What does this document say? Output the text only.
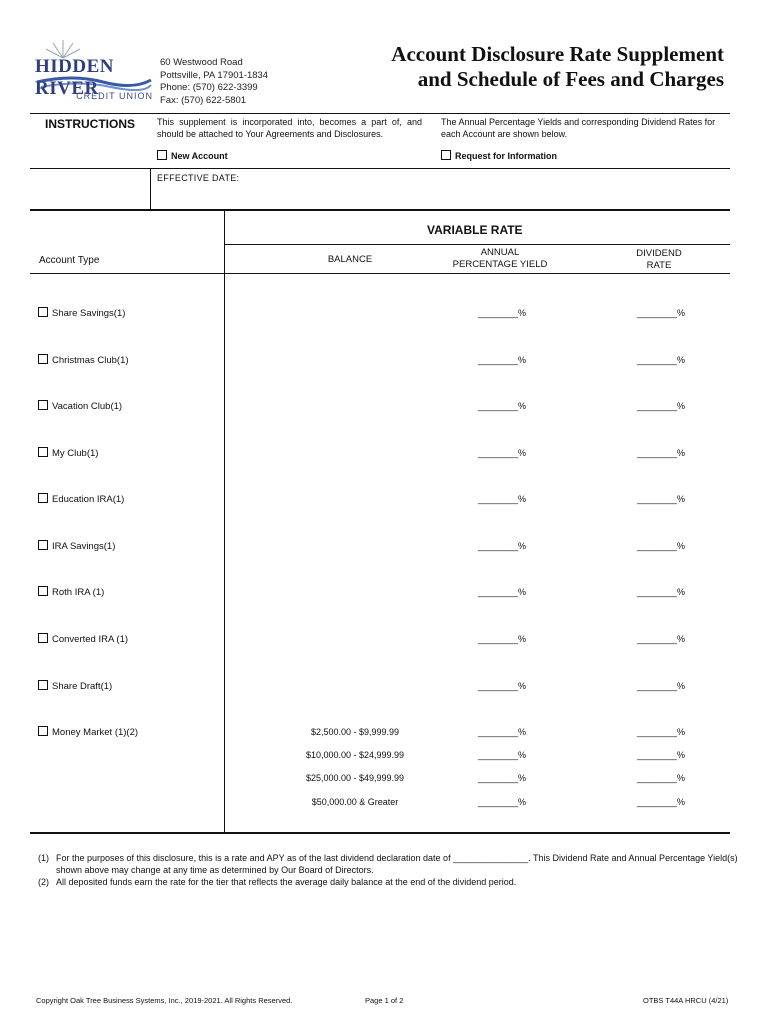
HIDDEN RIVER
CREDIT UNION
60 Westwood Road
Pottsville, PA 17901-1834
Phone: (570) 622-3399
Fax: (570) 622-5801
Account Disclosure Rate Supplement
and Schedule of Fees and Charges
INSTRUCTIONS This supplement is incorporated into, becomes a part of, and should be attached to Your Agreements and Disclosures.
The Annual Percentage Yields and corresponding Dividend Rates for each Account are shown below.
New Account	Request for Information
EFFECTIVE DATE:
VARIABLE RATE
Account Type	BALANCE
ANNUAL
PERCENTAGE YIELD
DIVIDEND
RATE
Share Savings(1)	________%	________%
Christmas Club(1)	________%	________%
Vacation Club(1)	________%	________%
My Club(1)	________%	________%
Education IRA(1)	________%	________%
IRA Savings(1)	________%	________%
Roth IRA (1)	________%	________%
Converted IRA (1)	________%	________%
Share Draft(1)	________%	________%
Money Market (1)(2)	$2,500.00 - $9,999.99	________%	________%
$10,000.00 - $24,999.99	________%	________%
$25,000.00 - $49,999.99	________%	________%
$50,000.00 & Greater	________%	________%
(1) For the purposes of this disclosure, this is a rate and APY as of the last dividend declaration date of _______________. This Dividend Rate and Annual Percentage Yield(s) shown above may change at any time as determined by Our Board of Directors.
(2) All deposited funds earn the rate for the tier that reflects the average daily balance at the end of the dividend period.
Copyright Oak Tree Business Systems, Inc., 2019-2021. All Rights Reserved.	Page 1 of 2	OTBS T44A HRCU (4/21)
